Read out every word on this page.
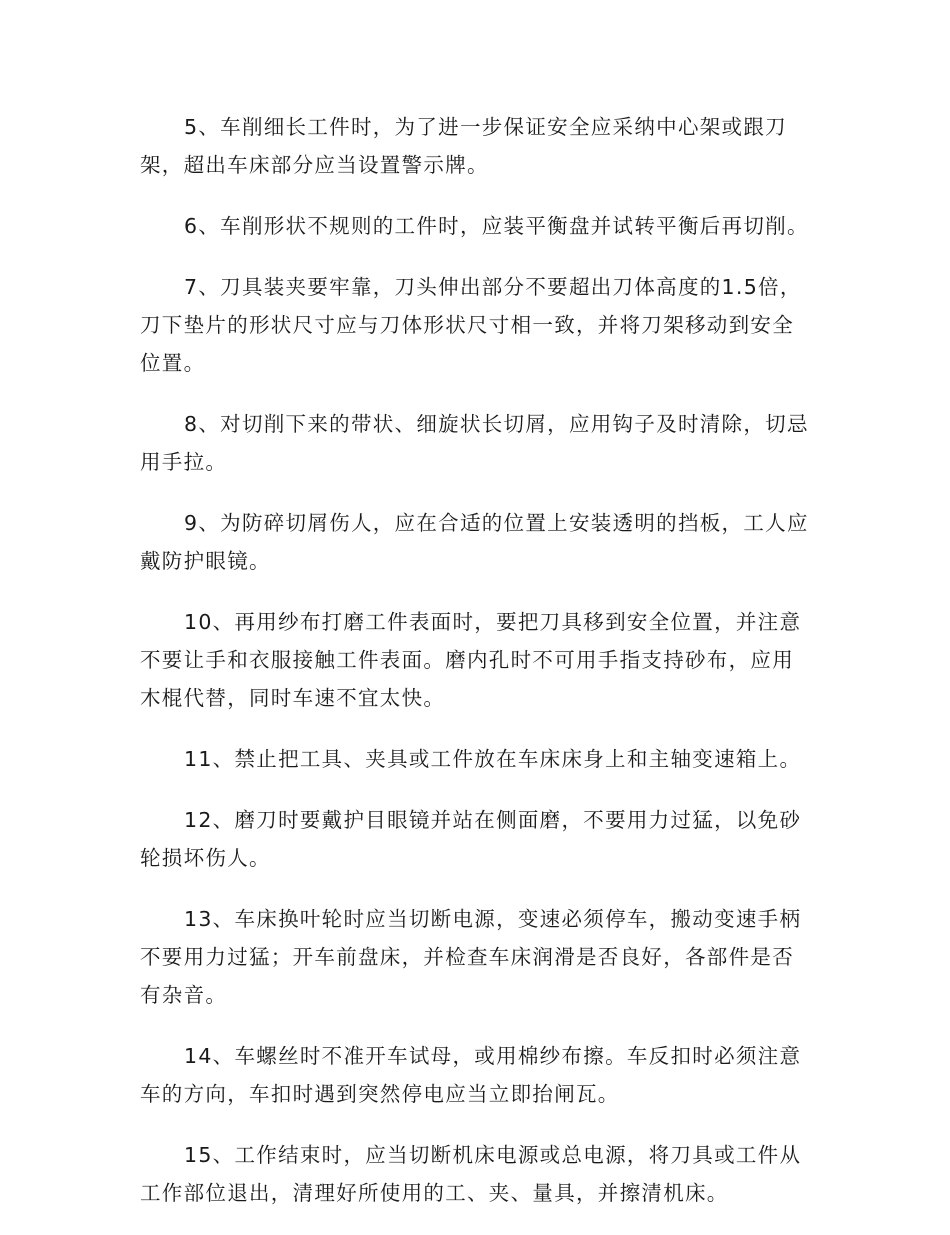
5、车削细长工件时，为了进一步保证安全应采纳中心架或跟刀架，超出车床部分应当设置警示牌。

6、车削形状不规则的工件时，应装平衡盘并试转平衡后再切削。

7、刀具装夹要牢靠，刀头伸出部分不要超出刀体高度的1.5倍，刀下垫片的形状尺寸应与刀体形状尺寸相一致，并将刀架移动到安全位置。

8、对切削下来的带状、细旋状长切屑，应用钩子及时清除，切忌用手拉。

9、为防碎切屑伤人，应在合适的位置上安装透明的挡板，工人应戴防护眼镜。

10、再用纱布打磨工件表面时，要把刀具移到安全位置，并注意不要让手和衣服接触工件表面。磨内孔时不可用手指支持砂布，应用木棍代替，同时车速不宜太快。

11、禁止把工具、夹具或工件放在车床床身上和主轴变速箱上。

12、磨刀时要戴护目眼镜并站在侧面磨，不要用力过猛，以免砂轮损坏伤人。

13、车床换叶轮时应当切断电源，变速必须停车，搬动变速手柄不要用力过猛；开车前盘床，并检查车床润滑是否良好，各部件是否有杂音。

14、车螺丝时不准开车试母，或用棉纱布擦。车反扣时必须注意车的方向，车扣时遇到突然停电应当立即抬闸瓦。

15、工作结束时，应当切断机床电源或总电源，将刀具或工件从工作部位退出，清理好所使用的工、夹、量具，并擦清机床。
